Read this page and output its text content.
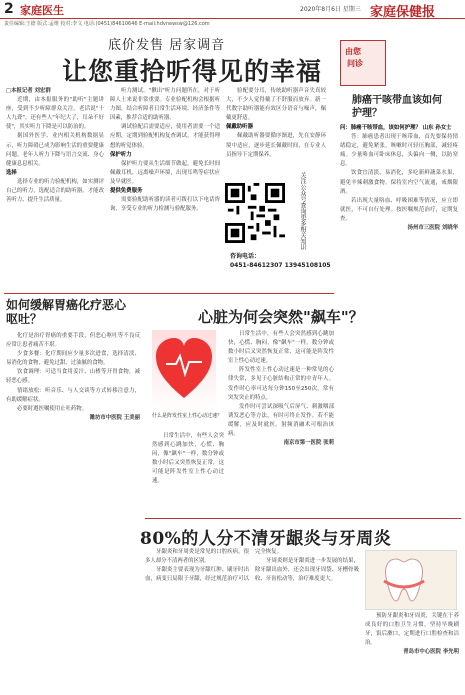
2 家庭医生	2020年8月6日 星期三 家庭保健报
责任编辑:王德 版式:孟维 校对:李文 电话:(0451)84610646 E-mail:hdvnewsw@126.com
底价发售 居家调音
让您重拾听得见的幸福

□本报记者 刘宏群

近期，由本报服务的"助听"主题讲座，受到不少听障群众关注。老话说"十人九聋"，还有些人"年纪大了，耳朵不好使"，其实听力下降是可以防治的。

据国外医学、业内相关机构数据显示，听力障碍已成为影响生活的重要健康问题。老年人听力下降与语言交流、身心健康息息相关。

选择

选择专业的听力验配机构，如实测评自己的听力，选配适合的助听器，才能改善听力、提升生活质量。

听力测试。"揪出"听力问题所在，对于听障人士来说非常重要。专业验配机构会根据听力图，结合听障者日常生活环境、经济条件等因素，推荐合适的助听器。

调试验配后需要适应，使用者需要一个适应期，定期到验配机构复查调试，才能获得理想的听觉体验。

保护听力

保护听力要从生活细节做起，避免长时间佩戴耳机，远离噪声环境，出现耳鸣等症状应及早就医。

提供免费服务

需要验配助听器的读者可拨打以下电话咨询，享受专业的听力检测与验配服务。

验配要分耳，传统助听器声音失真较大，不少人觉得戴了不舒服而放弃。新一代数字助听器能有效区分语音与噪声，佩戴更舒适。

佩戴助听器

佩戴助听器要循序渐进，先在安静环境中适应，逐步延长佩戴时间，在专业人员指导下定期保养。

关注公众号查询更多相关知识
咨询电话：
0451-84612307 13945108105
由您
问诊
肺癌干咳带血该如何护理？

问：肺癌干咳带血，该如何护理？ 山东 孙女士

答：肺癌患者出现干咳带血，首先要保持情绪稳定，避免紧张。咳嗽时可轻压胸部，减轻疼痛。少量咯血可卧床休息，头偏向一侧，以防窒息。

饮食宜清淡、易消化，多吃新鲜蔬菜水果，避免辛辣刺激食物。保持室内空气流通，戒烟限酒。

若出现大量咯血、呼吸困难等情况，应立即就医，不可自行处理。按医嘱规范治疗，定期复查。

扬州市三医院 刘晓华

如何缓解胃癌化疗恶心呕吐？

化疗是治疗胃癌的重要手段，但恶心呕吐等不良反应常让患者痛苦不堪。

少食多餐：化疗期间应少量多次进食，选择清淡、易消化的食物，避免过甜、过油腻的食物。

饮食调理：可适当食用姜汁、山楂等开胃食物，减轻恶心感。

情绪放松：听音乐、与人交谈等方式转移注意力，有助缓解症状。

必要时遵医嘱使用止吐药物。

潍坊市中医院 王美丽

心脏为何会突然"飙车"？
什么是阵发性室上性心动过速？

日常生活中，有些人会突然感到心跳加快，心慌、胸闷，像"飙车"一样，数分钟或数小时后又突然恢复正常，这可能是阵发性室上性心动过速。

阵发性室上性心动过速是一种常见的心律失常，多见于心脏结构正常的中青年人。发作时心率可达每分钟150至250次，常有突发突止的特点。

发作时可尝试深吸气后屏气、刺激咽部诱发恶心等方法，有时可终止发作。若不能缓解，应及时就医。射频消融术可根治该病。

南京市第一医院 张莉

日常生活中，有些人会突然感到心跳加快，心慌、胸闷，像"飙车"一样，数分钟或数小时后又突然恢复正常，这可能是阵发性室上性心动过速。

80%的人分不清牙龈炎与牙周炎

牙龈炎和牙周炎是常见的口腔疾病，很多人却分不清两者的区别。

牙龈炎主要表现为牙龈红肿、刷牙时出血，病变只局限于牙龈，经过规范治疗可以完全恢复。

牙周炎则是牙龈炎进一步发展的结果，除牙龈出血外，还会出现牙周袋、牙槽骨吸收、牙齿松动等，治疗难度更大。

预防牙龈炎和牙周炎，关键在于养成良好的口腔卫生习惯，坚持早晚刷牙，饭后漱口，定期进行口腔检查和洁治。

青岛市中心医院 李先明
